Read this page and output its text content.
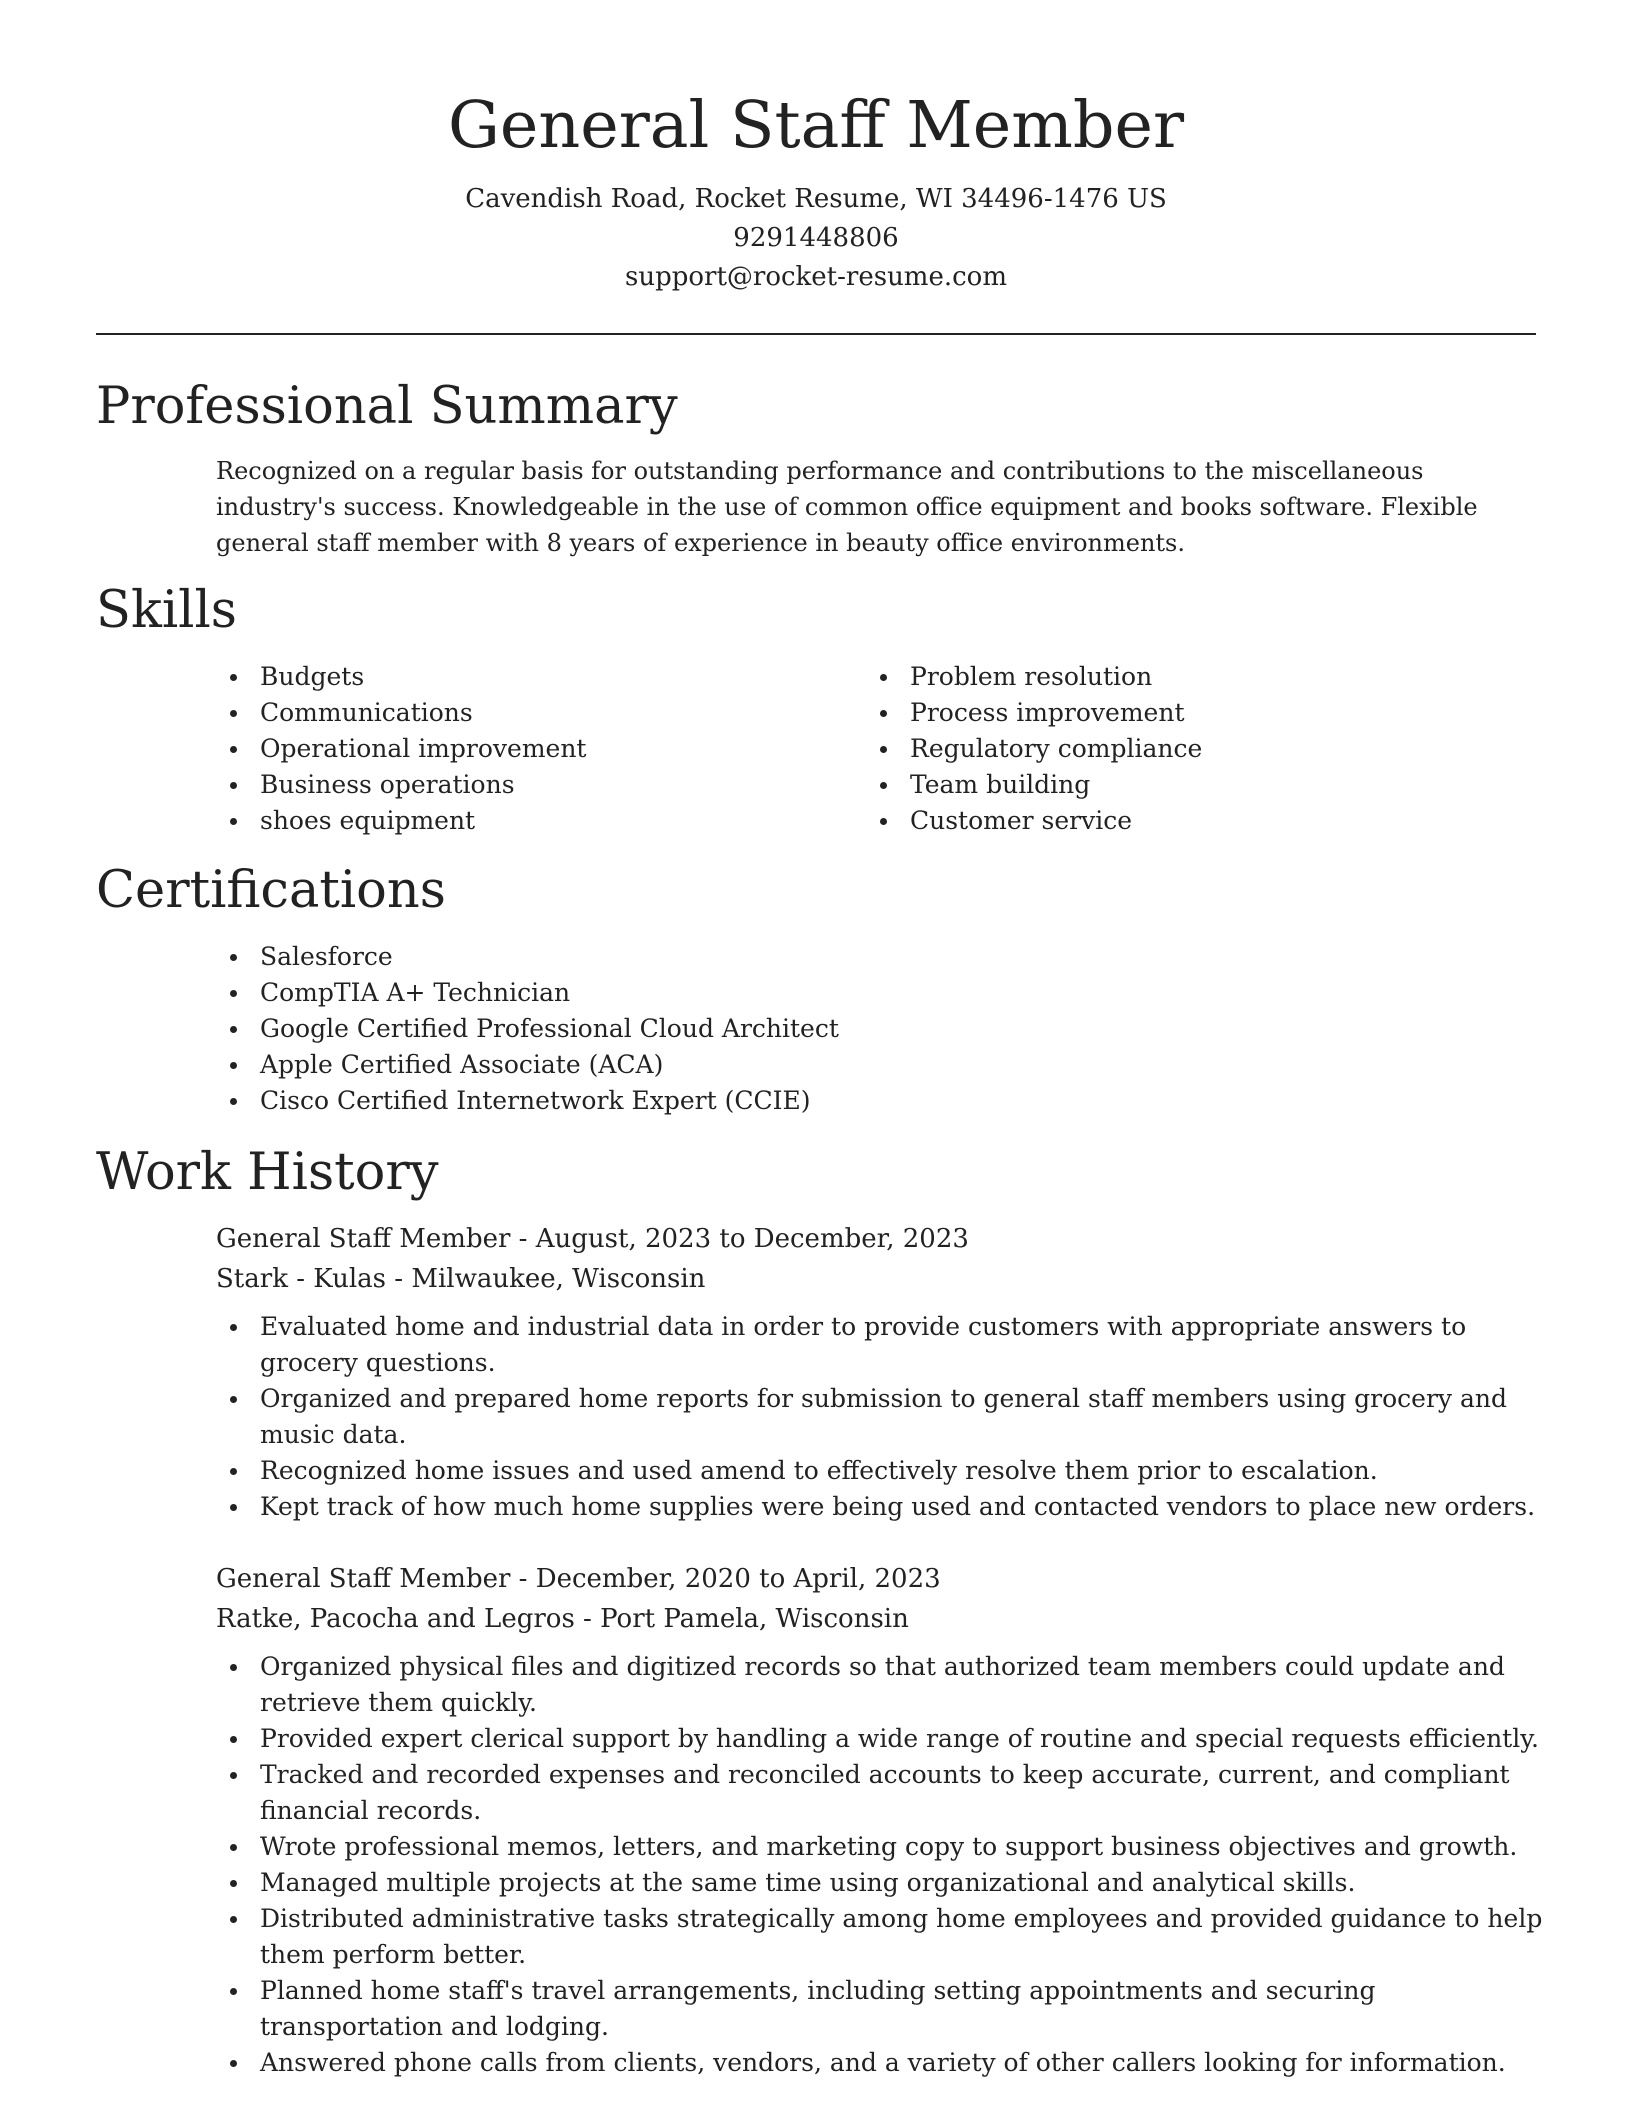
General Staff Member

Cavendish Road, Rocket Resume, WI 34496-1476 US

9291448806

support@rocket-resume.com

Professional Summary

Recognized on a regular basis for outstanding performance and contributions to the miscellaneous industry's success. Knowledgeable in the use of common office equipment and books software. Flexible general staff member with 8 years of experience in beauty office environments.

Skills
Budgets
Communications
Operational improvement
Business operations
shoes equipment
Problem resolution
Process improvement
Regulatory compliance
Team building
Customer service
Certifications
Salesforce
CompTIA A+ Technician
Google Certified Professional Cloud Architect
Apple Certified Associate (ACA)
Cisco Certified Internetwork Expert (CCIE)
Work History

General Staff Member - August, 2023 to December, 2023

Stark - Kulas - Milwaukee, Wisconsin

Evaluated home and industrial data in order to provide customers with appropriate answers to grocery questions.
Organized and prepared home reports for submission to general staff members using grocery and music data.
Recognized home issues and used amend to effectively resolve them prior to escalation.
Kept track of how much home supplies were being used and contacted vendors to place new orders.

General Staff Member - December, 2020 to April, 2023

Ratke, Pacocha and Legros - Port Pamela, Wisconsin

Organized physical files and digitized records so that authorized team members could update and retrieve them quickly.
Provided expert clerical support by handling a wide range of routine and special requests efficiently.
Tracked and recorded expenses and reconciled accounts to keep accurate, current, and compliant financial records.
Wrote professional memos, letters, and marketing copy to support business objectives and growth.
Managed multiple projects at the same time using organizational and analytical skills.
Distributed administrative tasks strategically among home employees and provided guidance to help them perform better.
Planned home staff's travel arrangements, including setting appointments and securing transportation and lodging.
Answered phone calls from clients, vendors, and a variety of other callers looking for information.
